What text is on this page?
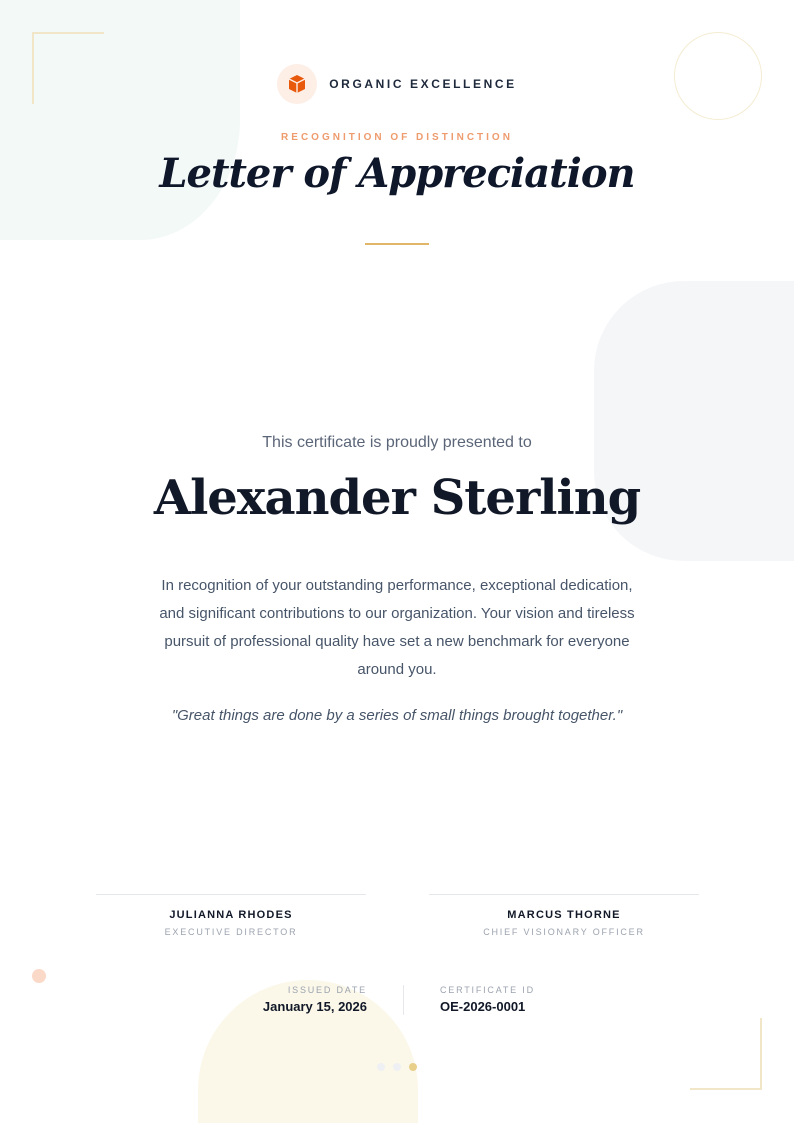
ORGANIC EXCELLENCE
RECOGNITION OF DISTINCTION
Letter of Appreciation
This certificate is proudly presented to
Alexander Sterling
In recognition of your outstanding performance, exceptional dedication, and significant contributions to our organization. Your vision and tireless pursuit of professional quality have set a new benchmark for everyone around you.
"Great things are done by a series of small things brought together."
JULIANNA RHODES
EXECUTIVE DIRECTOR
MARCUS THORNE
CHIEF VISIONARY OFFICER
ISSUED DATE
January 15, 2026
CERTIFICATE ID
OE-2026-0001
